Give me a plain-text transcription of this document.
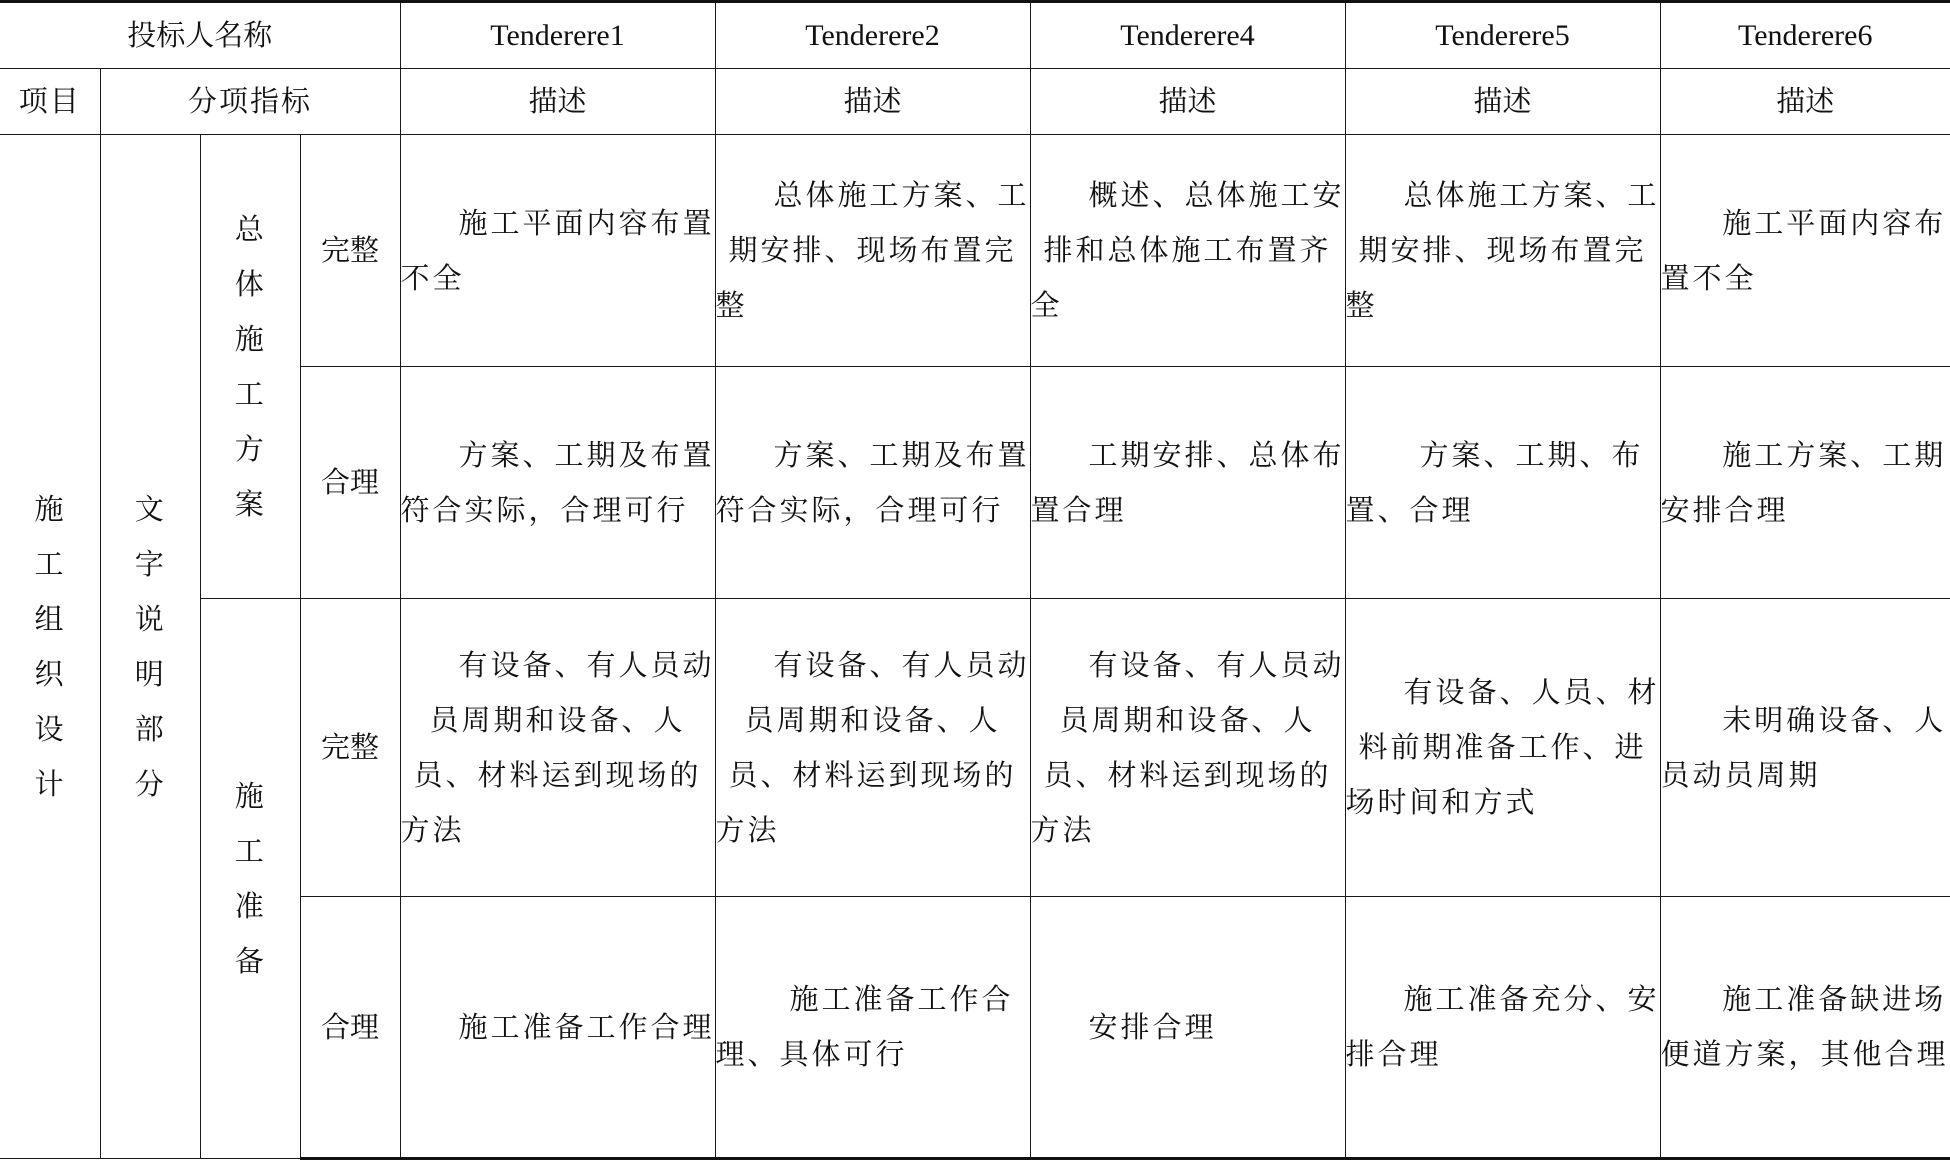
投标人名称				Tenderere1	Tenderere2	Tenderere4	Tenderere5	Tenderere6
项目	分项指标			描述	描述	描述	描述	描述

施工组织设计	文字说明部分	总体施工方案	完整	施工平面内容布置不全	总体施工方案、工期安排、现场布置完整	概述、总体施工安排和总体施工布置齐全	总体施工方案、工期安排、现场布置完整	施工平面内容布置不全

			合理	方案、工期及布置符合实际，合理可行	方案、工期及布置符合实际，合理可行	工期安排、总体布置合理	方案、工期、布置、合理	施工方案、工期安排合理

		施工准备	完整	有设备、有人员动员周期和设备、人员、材料运到现场的方法	有设备、有人员动员周期和设备、人员、材料运到现场的方法	有设备、有人员动员周期和设备、人员、材料运到现场的方法	有设备、人员、材料前期准备工作、进场时间和方式	未明确设备、人员动员周期

			合理	施工准备工作合理	施工准备工作合理、具体可行	安排合理	施工准备充分、安排合理	施工准备缺进场便道方案，其他合理
